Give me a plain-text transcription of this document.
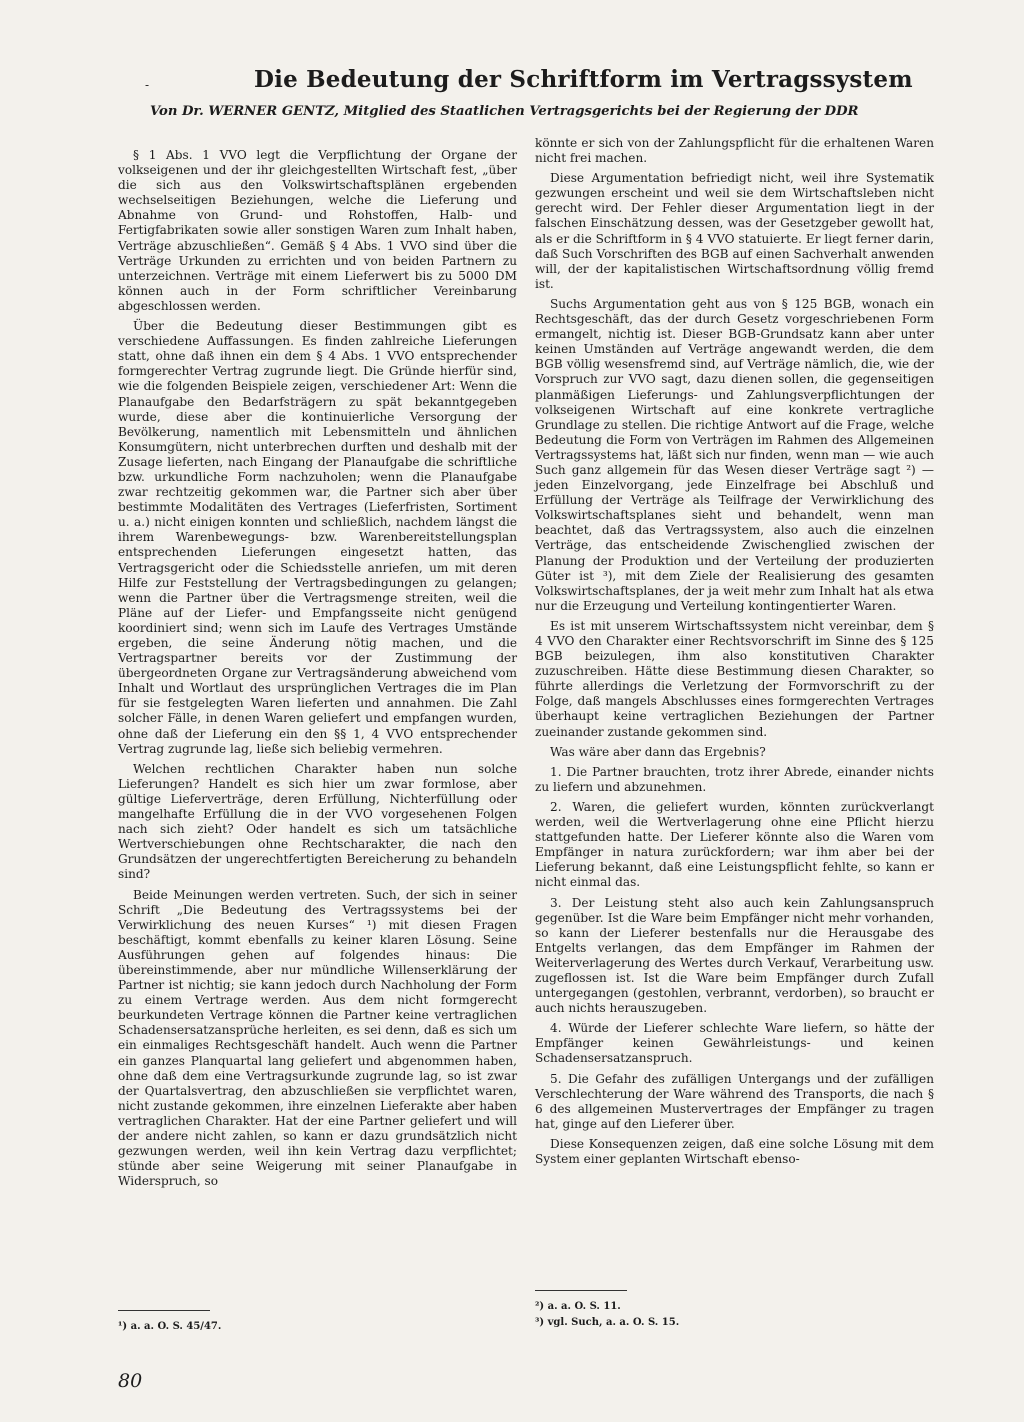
-	Die Bedeutung der Schriftform im Vertragssystem
Von Dr. WERNER GENTZ, Mitglied des Staatlichen Vertragsgerichts bei der Regierung der DDR

§ 1 Abs. 1 VVO legt die Verpflichtung der Organe der volkseigenen und der ihr gleichgestellten Wirtschaft fest, „über die sich aus den Volkswirtschaftsplänen ergebenden wechselseitigen Beziehungen, welche die Lieferung und Abnahme von Grund- und Rohstoffen, Halb- und Fertigfabrikaten sowie aller sonstigen Waren zum Inhalt haben, Verträge abzuschließen“. Gemäß § 4 Abs. 1 VVO sind über die Verträge Urkunden zu errichten und von beiden Partnern zu unterzeichnen. Verträge mit einem Lieferwert bis zu 5000 DM können auch in der Form schriftlicher Vereinbarung abgeschlossen werden.

Über die Bedeutung dieser Bestimmungen gibt es verschiedene Auffassungen. Es finden zahlreiche Lieferungen statt, ohne daß ihnen ein dem § 4 Abs. 1 VVO entsprechender formgerechter Vertrag zugrunde liegt. Die Gründe hierfür sind, wie die folgenden Beispiele zeigen, verschiedener Art: Wenn die Planaufgabe den Bedarfsträgern zu spät bekanntgegeben wurde, diese aber die kontinuierliche Versorgung der Bevölkerung, namentlich mit Lebensmitteln und ähnlichen Konsumgütern, nicht unterbrechen durften und deshalb mit der Zusage lieferten, nach Eingang der Planaufgabe die schriftliche bzw. urkundliche Form nachzuholen; wenn die Planaufgabe zwar rechtzeitig gekommen war, die Partner sich aber über bestimmte Modalitäten des Vertrages (Lieferfristen, Sortiment u. a.) nicht einigen konnten und schließlich, nachdem längst die ihrem Warenbewegungs- bzw. Warenbereitstellungsplan entsprechenden Lieferungen eingesetzt hatten, das Vertragsgericht oder die Schiedsstelle anriefen, um mit deren Hilfe zur Feststellung der Vertragsbedingungen zu gelangen; wenn die Partner über die Vertragsmenge streiten, weil die Pläne auf der Liefer- und Empfangsseite nicht genügend koordiniert sind; wenn sich im Laufe des Vertrages Umstände ergeben, die seine Änderung nötig machen, und die Vertragspartner bereits vor der Zustimmung der übergeordneten Organe zur Vertragsänderung abweichend vom Inhalt und Wortlaut des ursprünglichen Vertrages die im Plan für sie festgelegten Waren lieferten und annahmen. Die Zahl solcher Fälle, in denen Waren geliefert und empfangen wurden, ohne daß der Lieferung ein den §§ 1, 4 VVO entsprechender Vertrag zugrunde lag, ließe sich beliebig vermehren.

Welchen rechtlichen Charakter haben nun solche Lieferungen? Handelt es sich hier um zwar formlose, aber gültige Lieferverträge, deren Erfüllung, Nichterfüllung oder mangelhafte Erfüllung die in der VVO vorgesehenen Folgen nach sich zieht? Oder handelt es sich um tatsächliche Wertverschiebungen ohne Rechtscharakter, die nach den Grundsätzen der ungerechtfertigten Bereicherung zu behandeln sind?

Beide Meinungen werden vertreten. Such, der sich in seiner Schrift „Die Bedeutung des Vertragssystems bei der Verwirklichung des neuen Kurses“ ¹) mit diesen Fragen beschäftigt, kommt ebenfalls zu keiner klaren Lösung. Seine Ausführungen gehen auf folgendes hinaus: Die übereinstimmende, aber nur mündliche Willenserklärung der Partner ist nichtig; sie kann jedoch durch Nachholung der Form zu einem Vertrage werden. Aus dem nicht formgerecht beurkundeten Vertrage können die Partner keine vertraglichen Schadensersatzansprüche herleiten, es sei denn, daß es sich um ein einmaliges Rechtsgeschäft handelt. Auch wenn die Partner ein ganzes Planquartal lang geliefert und abgenommen haben, ohne daß dem eine Vertragsurkunde zugrunde lag, so ist zwar der Quartalsvertrag, den abzuschließen sie verpflichtet waren, nicht zustande gekommen, ihre einzelnen Lieferakte aber haben vertraglichen Charakter. Hat der eine Partner geliefert und will der andere nicht zahlen, so kann er dazu grundsätzlich nicht gezwungen werden, weil ihn kein Vertrag dazu verpflichtet; stünde aber seine Weigerung mit seiner Planaufgabe in Widerspruch, so

könnte er sich von der Zahlungspflicht für die erhaltenen Waren nicht frei machen.

Diese Argumentation befriedigt nicht, weil ihre Systematik gezwungen erscheint und weil sie dem Wirtschaftsleben nicht gerecht wird. Der Fehler dieser Argumentation liegt in der falschen Einschätzung dessen, was der Gesetzgeber gewollt hat, als er die Schriftform in § 4 VVO statuierte. Er liegt ferner darin, daß Such Vorschriften des BGB auf einen Sachverhalt anwenden will, der der kapitalistischen Wirtschaftsordnung völlig fremd ist.

Suchs Argumentation geht aus von § 125 BGB, wonach ein Rechtsgeschäft, das der durch Gesetz vorgeschriebenen Form ermangelt, nichtig ist. Dieser BGB-Grundsatz kann aber unter keinen Umständen auf Verträge angewandt werden, die dem BGB völlig wesensfremd sind, auf Verträge nämlich, die, wie der Vorspruch zur VVO sagt, dazu dienen sollen, die gegenseitigen planmäßigen Lieferungs- und Zahlungsverpflichtungen der volkseigenen Wirtschaft auf eine konkrete vertragliche Grundlage zu stellen. Die richtige Antwort auf die Frage, welche Bedeutung die Form von Verträgen im Rahmen des Allgemeinen Vertragssystems hat, läßt sich nur finden, wenn man — wie auch Such ganz allgemein für das Wesen dieser Verträge sagt ²) — jeden Einzelvorgang, jede Einzelfrage bei Abschluß und Erfüllung der Verträge als Teilfrage der Verwirklichung des Volkswirtschaftsplanes sieht und behandelt, wenn man beachtet, daß das Vertragssystem, also auch die einzelnen Verträge, das entscheidende Zwischenglied zwischen der Planung der Produktion und der Verteilung der produzierten Güter ist ³), mit dem Ziele der Realisierung des gesamten Volkswirtschaftsplanes, der ja weit mehr zum Inhalt hat als etwa nur die Erzeugung und Verteilung kontingentierter Waren.

Es ist mit unserem Wirtschaftssystem nicht vereinbar, dem § 4 VVO den Charakter einer Rechtsvorschrift im Sinne des § 125 BGB beizulegen, ihm also konstitutiven Charakter zuzuschreiben. Hätte diese Bestimmung diesen Charakter, so führte allerdings die Verletzung der Formvorschrift zu der Folge, daß mangels Abschlusses eines formgerechten Vertrages überhaupt keine vertraglichen Beziehungen der Partner zueinander zustande gekommen sind.

Was wäre aber dann das Ergebnis?

1. Die Partner brauchten, trotz ihrer Abrede, einander nichts zu liefern und abzunehmen.

2. Waren, die geliefert wurden, könnten zurückverlangt werden, weil die Wertverlagerung ohne eine Pflicht hierzu stattgefunden hatte. Der Lieferer könnte also die Waren vom Empfänger in natura zurückfordern; war ihm aber bei der Lieferung bekannt, daß eine Leistungspflicht fehlte, so kann er nicht einmal das.

3. Der Leistung steht also auch kein Zahlungsanspruch gegenüber. Ist die Ware beim Empfänger nicht mehr vorhanden, so kann der Lieferer bestenfalls nur die Herausgabe des Entgelts verlangen, das dem Empfänger im Rahmen der Weiterverlagerung des Wertes durch Verkauf, Verarbeitung usw. zugeflossen ist. Ist die Ware beim Empfänger durch Zufall untergegangen (gestohlen, verbrannt, verdorben), so braucht er auch nichts herauszugeben.

4. Würde der Lieferer schlechte Ware liefern, so hätte der Empfänger keinen Gewährleistungs- und keinen Schadensersatzanspruch.

5. Die Gefahr des zufälligen Untergangs und der zufälligen Verschlechterung der Ware während des Transports, die nach § 6 des allgemeinen Mustervertrages der Empfänger zu tragen hat, ginge auf den Lieferer über.

Diese Konsequenzen zeigen, daß eine solche Lösung mit dem System einer geplanten Wirtschaft ebenso-

¹) a. a. O. S. 45/47.
²) a. a. O. S. 11.
³) vgl. Such, a. a. O. S. 15.
80
